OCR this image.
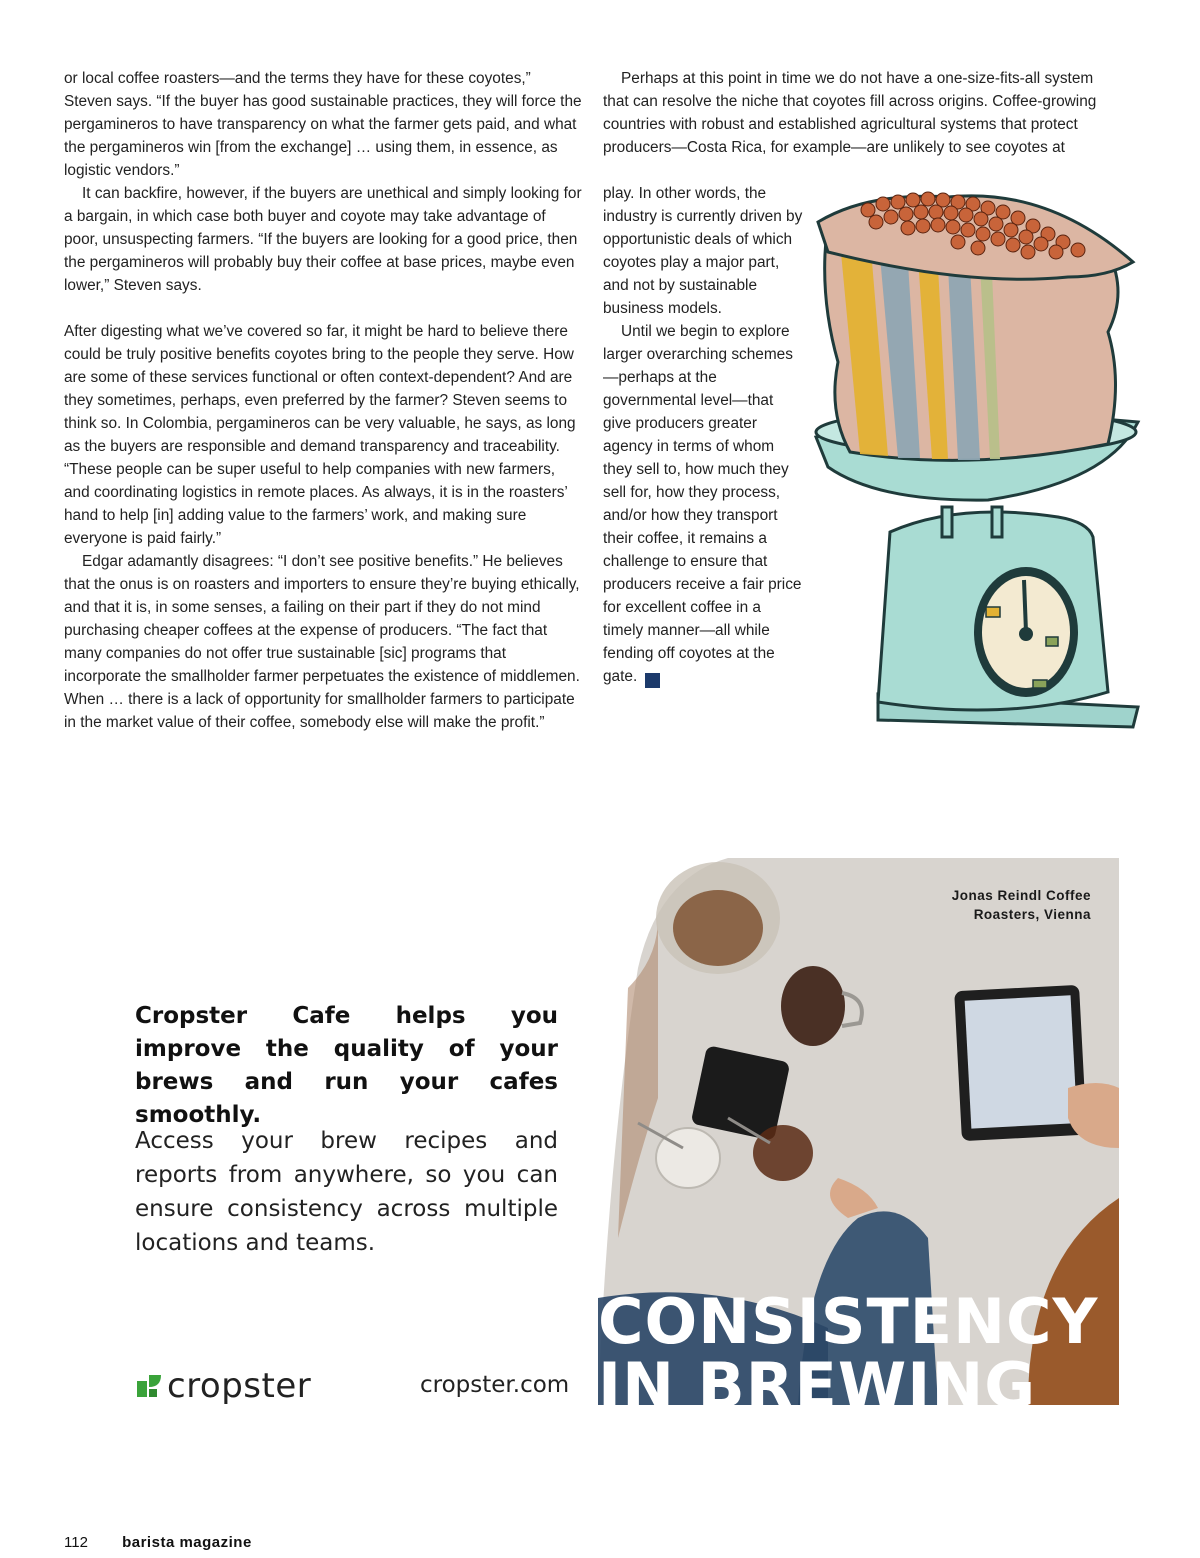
or local coffee roasters—and the terms they have for these coyotes,” Steven says. “If the buyer has good sustainable practices, they will force the pergamineros to have transparency on what the farmer gets paid, and what the pergamineros win [from the exchange] … using them, in essence, as logistic vendors.”

It can backfire, however, if the buyers are unethical and simply looking for a bargain, in which case both buyer and coyote may take advantage of poor, unsuspecting farmers. “If the buyers are looking for a good price, then the pergamineros will probably buy their coffee at base prices, maybe even lower,” Steven says.

After digesting what we’ve covered so far, it might be hard to believe there could be truly positive benefits coyotes bring to the people they serve. How are some of these services functional or often context-dependent? And are they sometimes, perhaps, even preferred by the farmer? Steven seems to think so. In Colombia, pergamineros can be very valuable, he says, as long as the buyers are responsible and demand transparency and traceability. “These people can be super useful to help companies with new farmers, and coordinating logistics in remote places. As always, it is in the roasters’ hand to help [in] adding value to the farmers’ work, and making sure everyone is paid fairly.”

Edgar adamantly disagrees: “I don’t see positive benefits.” He believes that the onus is on roasters and importers to ensure they’re buying ethically, and that it is, in some senses, a failing on their part if they do not mind purchasing cheaper coffees at the expense of producers. “The fact that many companies do not offer true sustainable [sic] programs that incorporate the smallholder farmer perpetuates the existence of middlemen. When … there is a lack of opportunity for smallholder farmers to participate in the market value of their coffee, somebody else will make the profit.”

Perhaps at this point in time we do not have a one-size-fits-all system that can resolve the niche that coyotes fill across origins. Coffee-growing countries with robust and established agricultural systems that protect producers—Costa Rica, for example—are unlikely to see coyotes at

play. In other words, the industry is currently driven by opportunistic deals of which coyotes play a major part, and not by sustainable business models.

Until we begin to explore larger overarching schemes—perhaps at the governmental level—that give producers greater agency in terms of whom they sell to, how much they sell for, how they process, and/or how they transport their coffee, it remains a challenge to ensure that producers receive a fair price for excellent coffee in a timely manner—all while fending off coyotes at the gate. b

Jonas Reindl Coffee
Roasters, Vienna
CONSISTENCY
IN BREWING
Cropster Cafe helps you improve the quality of your brews and run your cafes smoothly.
Access your brew recipes and reports from anywhere, so you can ensure consistency across multiple locations and teams.
cropster	cropster.com
112 barista magazine
